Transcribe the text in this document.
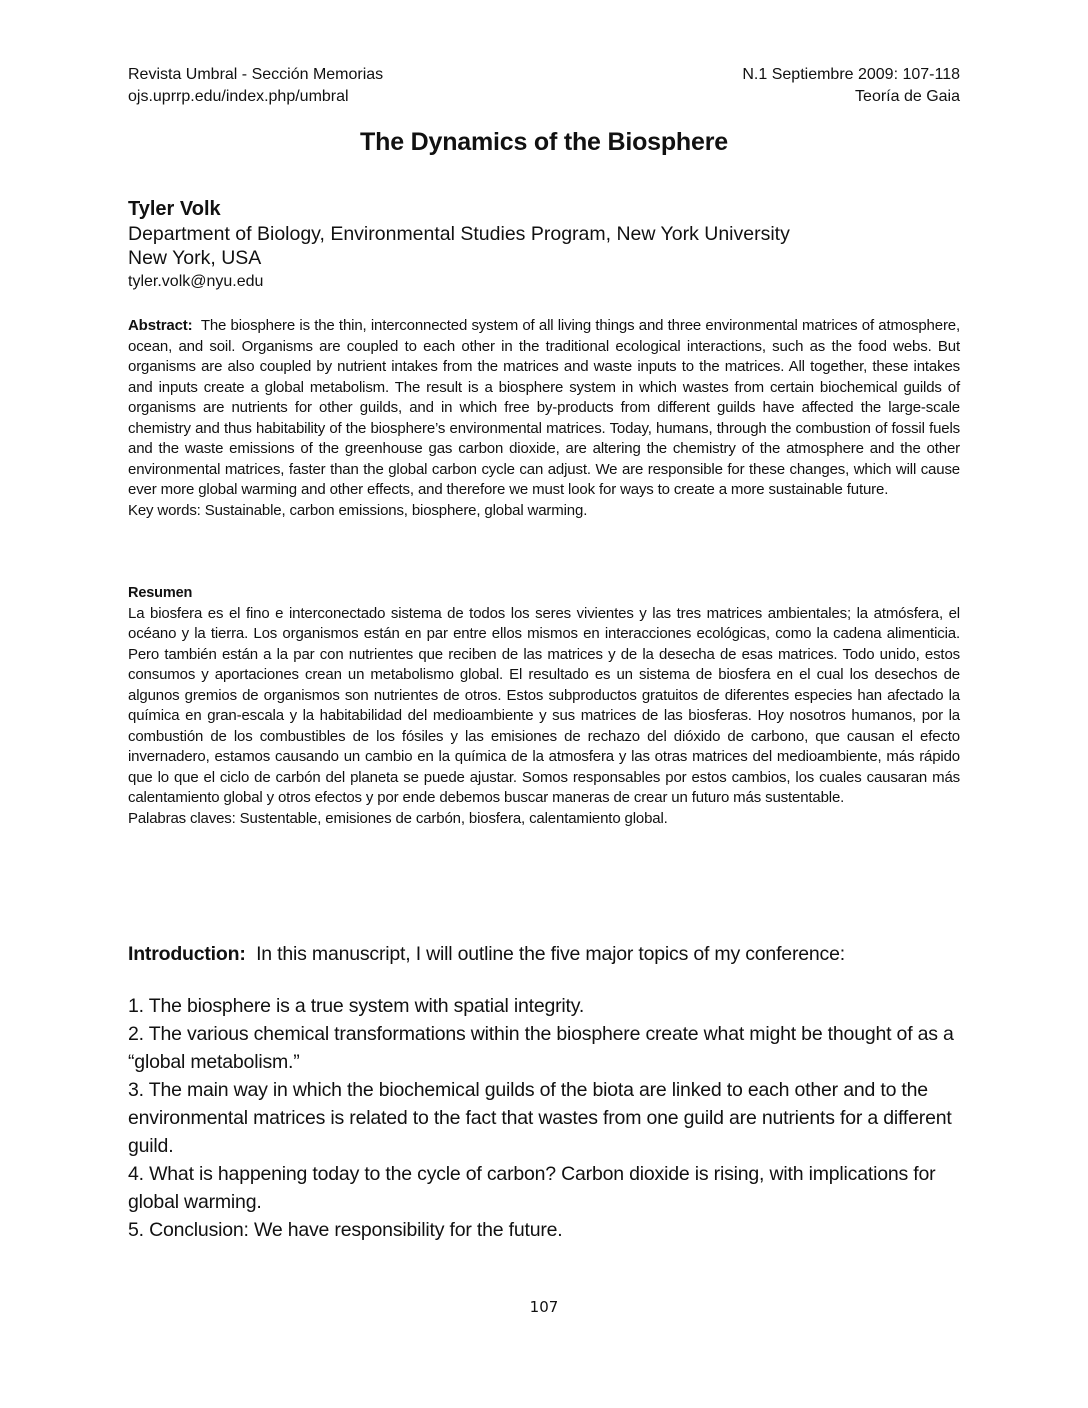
Revista Umbral - Sección Memorias
ojs.uprrp.edu/index.php/umbral
N.1 Septiembre 2009: 107-118
Teoría de Gaia
The Dynamics of the Biosphere
Tyler Volk
Department of Biology, Environmental Studies Program, New York University
New York, USA
tyler.volk@nyu.edu
Abstract: The biosphere is the thin, interconnected system of all living things and three environmental matrices of atmosphere, ocean, and soil. Organisms are coupled to each other in the traditional ecological interactions, such as the food webs. But organisms are also coupled by nutrient intakes from the matrices and waste inputs to the matrices. All together, these intakes and inputs create a global metabolism. The result is a biosphere system in which wastes from certain biochemical guilds of organisms are nutrients for other guilds, and in which free by-products from different guilds have affected the large-scale chemistry and thus habitability of the biosphere’s environmental matrices. Today, humans, through the combustion of fossil fuels and the waste emissions of the greenhouse gas carbon dioxide, are altering the chemistry of the atmosphere and the other environmental matrices, faster than the global carbon cycle can adjust. We are responsible for these changes, which will cause ever more global warming and other effects, and therefore we must look for ways to create a more sustainable future.
Key words: Sustainable, carbon emissions, biosphere, global warming.
Resumen
La biosfera es el fino e interconectado sistema de todos los seres vivientes y las tres matrices ambientales; la atmósfera, el océano y la tierra. Los organismos están en par entre ellos mismos en interacciones ecológicas, como la cadena alimenticia. Pero también están a la par con nutrientes que reciben de las matrices y de la desecha de esas matrices. Todo unido, estos consumos y aportaciones crean un metabolismo global. El resultado es un sistema de biosfera en el cual los desechos de algunos gremios de organismos son nutrientes de otros. Estos subproductos gratuitos de diferentes especies han afectado la química en gran-escala y la habitabilidad del medioambiente y sus matrices de las biosferas. Hoy nosotros humanos, por la combustión de los combustibles de los fósiles y las emisiones de rechazo del dióxido de carbono, que causan el efecto invernadero, estamos causando un cambio en la química de la atmosfera y las otras matrices del medioambiente, más rápido que lo que el ciclo de carbón del planeta se puede ajustar. Somos responsables por estos cambios, los cuales causaran más calentamiento global y otros efectos y por ende debemos buscar maneras de crear un futuro más sustentable.
Palabras claves: Sustentable, emisiones de carbón, biosfera, calentamiento global.
Introduction: In this manuscript, I will outline the five major topics of my conference:
1. The biosphere is a true system with spatial integrity.
2. The various chemical transformations within the biosphere create what might be thought of as a “global metabolism.”
3. The main way in which the biochemical guilds of the biota are linked to each other and to the environmental matrices is related to the fact that wastes from one guild are nutrients for a different guild.
4. What is happening today to the cycle of carbon? Carbon dioxide is rising, with implications for global warming.
5. Conclusion: We have responsibility for the future.
107
